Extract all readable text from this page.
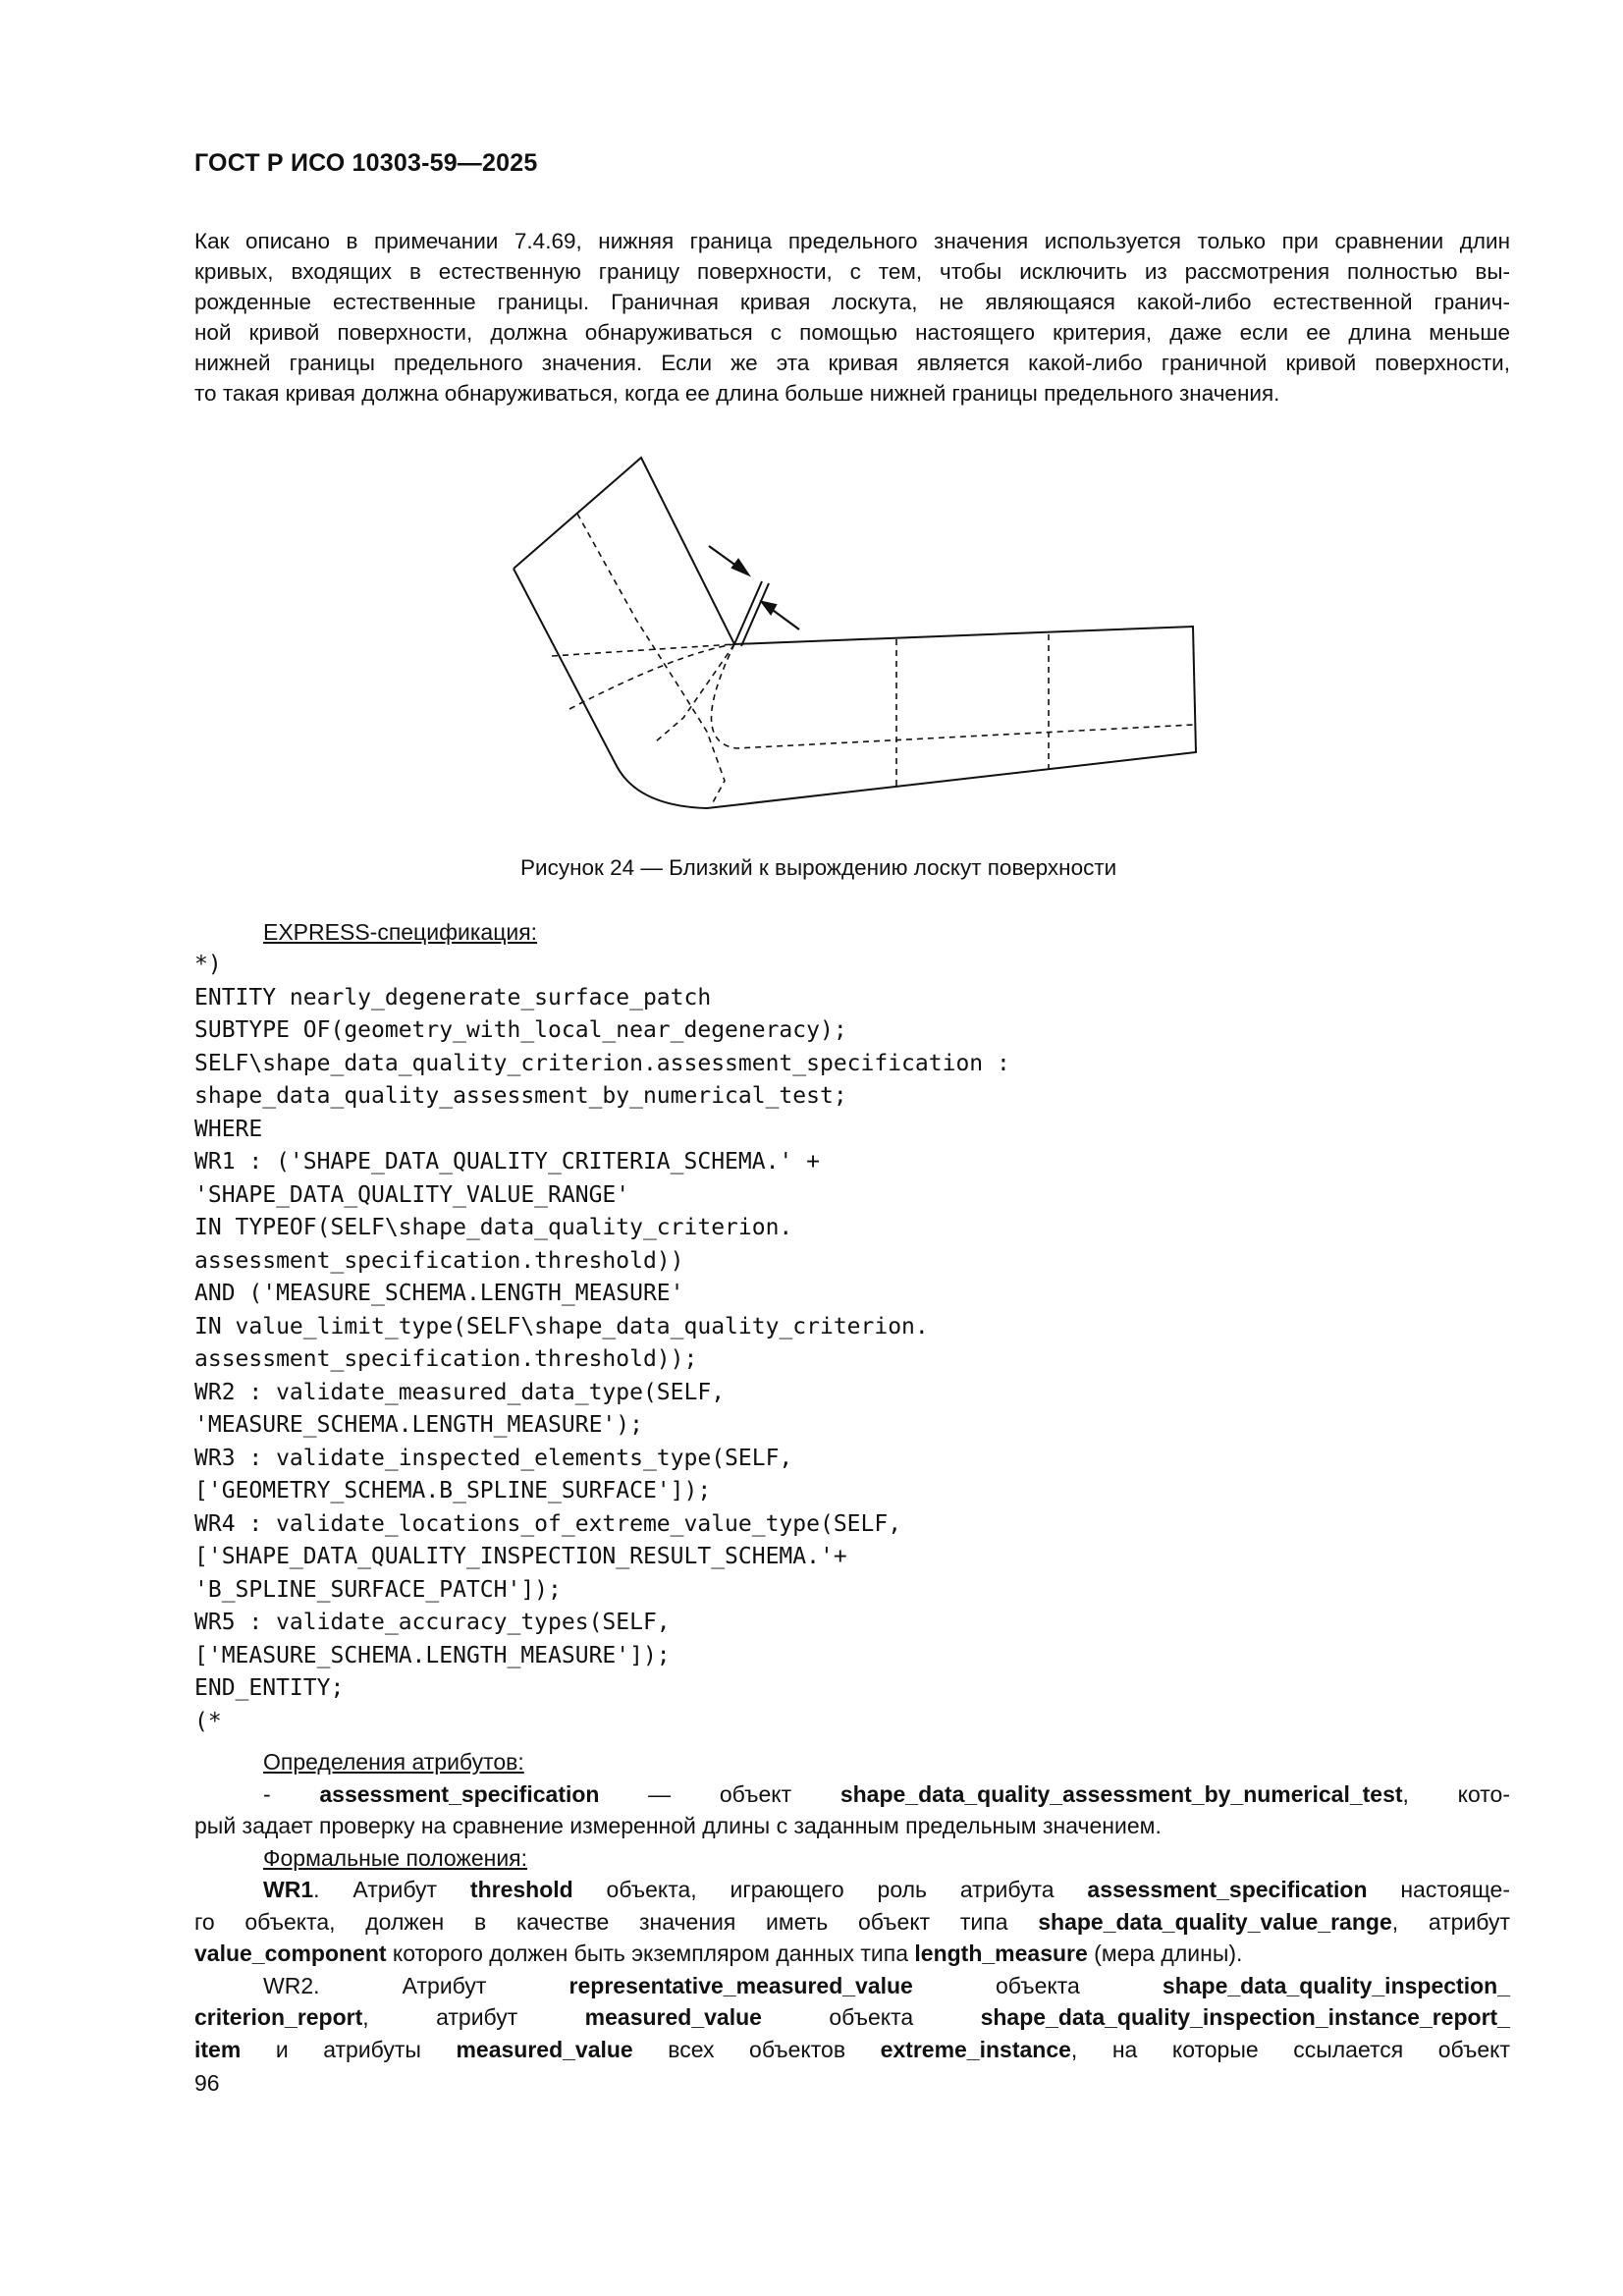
ГОСТ Р ИСО 10303-59—2025
Как описано в примечании 7.4.69, нижняя граница предельного значения используется только при сравнении длин
кривых, входящих в естественную границу поверхности, с тем, чтобы исключить из рассмотрения полностью вы-
рожденные естественные границы. Граничная кривая лоскута, не являющаяся какой-либо естественной гранич-
ной кривой поверхности, должна обнаруживаться с помощью настоящего критерия, даже если ее длина меньше
нижней границы предельного значения. Если же эта кривая является какой-либо граничной кривой поверхности,
то такая кривая должна обнаруживаться, когда ее длина больше нижней границы предельного значения.
Рисунок 24 — Близкий к вырождению лоскут поверхности
EXPRESS-спецификация:
*)
ENTITY nearly_degenerate_surface_patch
SUBTYPE OF(geometry_with_local_near_degeneracy);
SELF\shape_data_quality_criterion.assessment_specification :
shape_data_quality_assessment_by_numerical_test;
WHERE
WR1 : ('SHAPE_DATA_QUALITY_CRITERIA_SCHEMA.' +
'SHAPE_DATA_QUALITY_VALUE_RANGE'
IN TYPEOF(SELF\shape_data_quality_criterion.
assessment_specification.threshold))
AND ('MEASURE_SCHEMA.LENGTH_MEASURE'
IN value_limit_type(SELF\shape_data_quality_criterion.
assessment_specification.threshold));
WR2 : validate_measured_data_type(SELF,
'MEASURE_SCHEMA.LENGTH_MEASURE');
WR3 : validate_inspected_elements_type(SELF,
['GEOMETRY_SCHEMA.B_SPLINE_SURFACE']);
WR4 : validate_locations_of_extreme_value_type(SELF,
['SHAPE_DATA_QUALITY_INSPECTION_RESULT_SCHEMA.'+
'B_SPLINE_SURFACE_PATCH']);
WR5 : validate_accuracy_types(SELF,
['MEASURE_SCHEMA.LENGTH_MEASURE']);
END_ENTITY;
(*
Определения атрибутов:
- assessment_specification — объект shape_data_quality_assessment_by_numerical_test, кото-
рый задает проверку на сравнение измеренной длины с заданным предельным значением.
Формальные положения:
WR1. Атрибут threshold объекта, играющего роль атрибута assessment_specification настояще-
го объекта, должен в качестве значения иметь объект типа shape_data_quality_value_range, атрибут
value_component которого должен быть экземпляром данных типа length_measure (мера длины).
WR2.	Атрибут	representative_measured_value	объекта	shape_data_quality_inspection_
criterion_report, атрибут measured_value объекта shape_data_quality_inspection_instance_report_
item и атрибуты measured_value всех объектов extreme_instance, на которые ссылается объект
96
